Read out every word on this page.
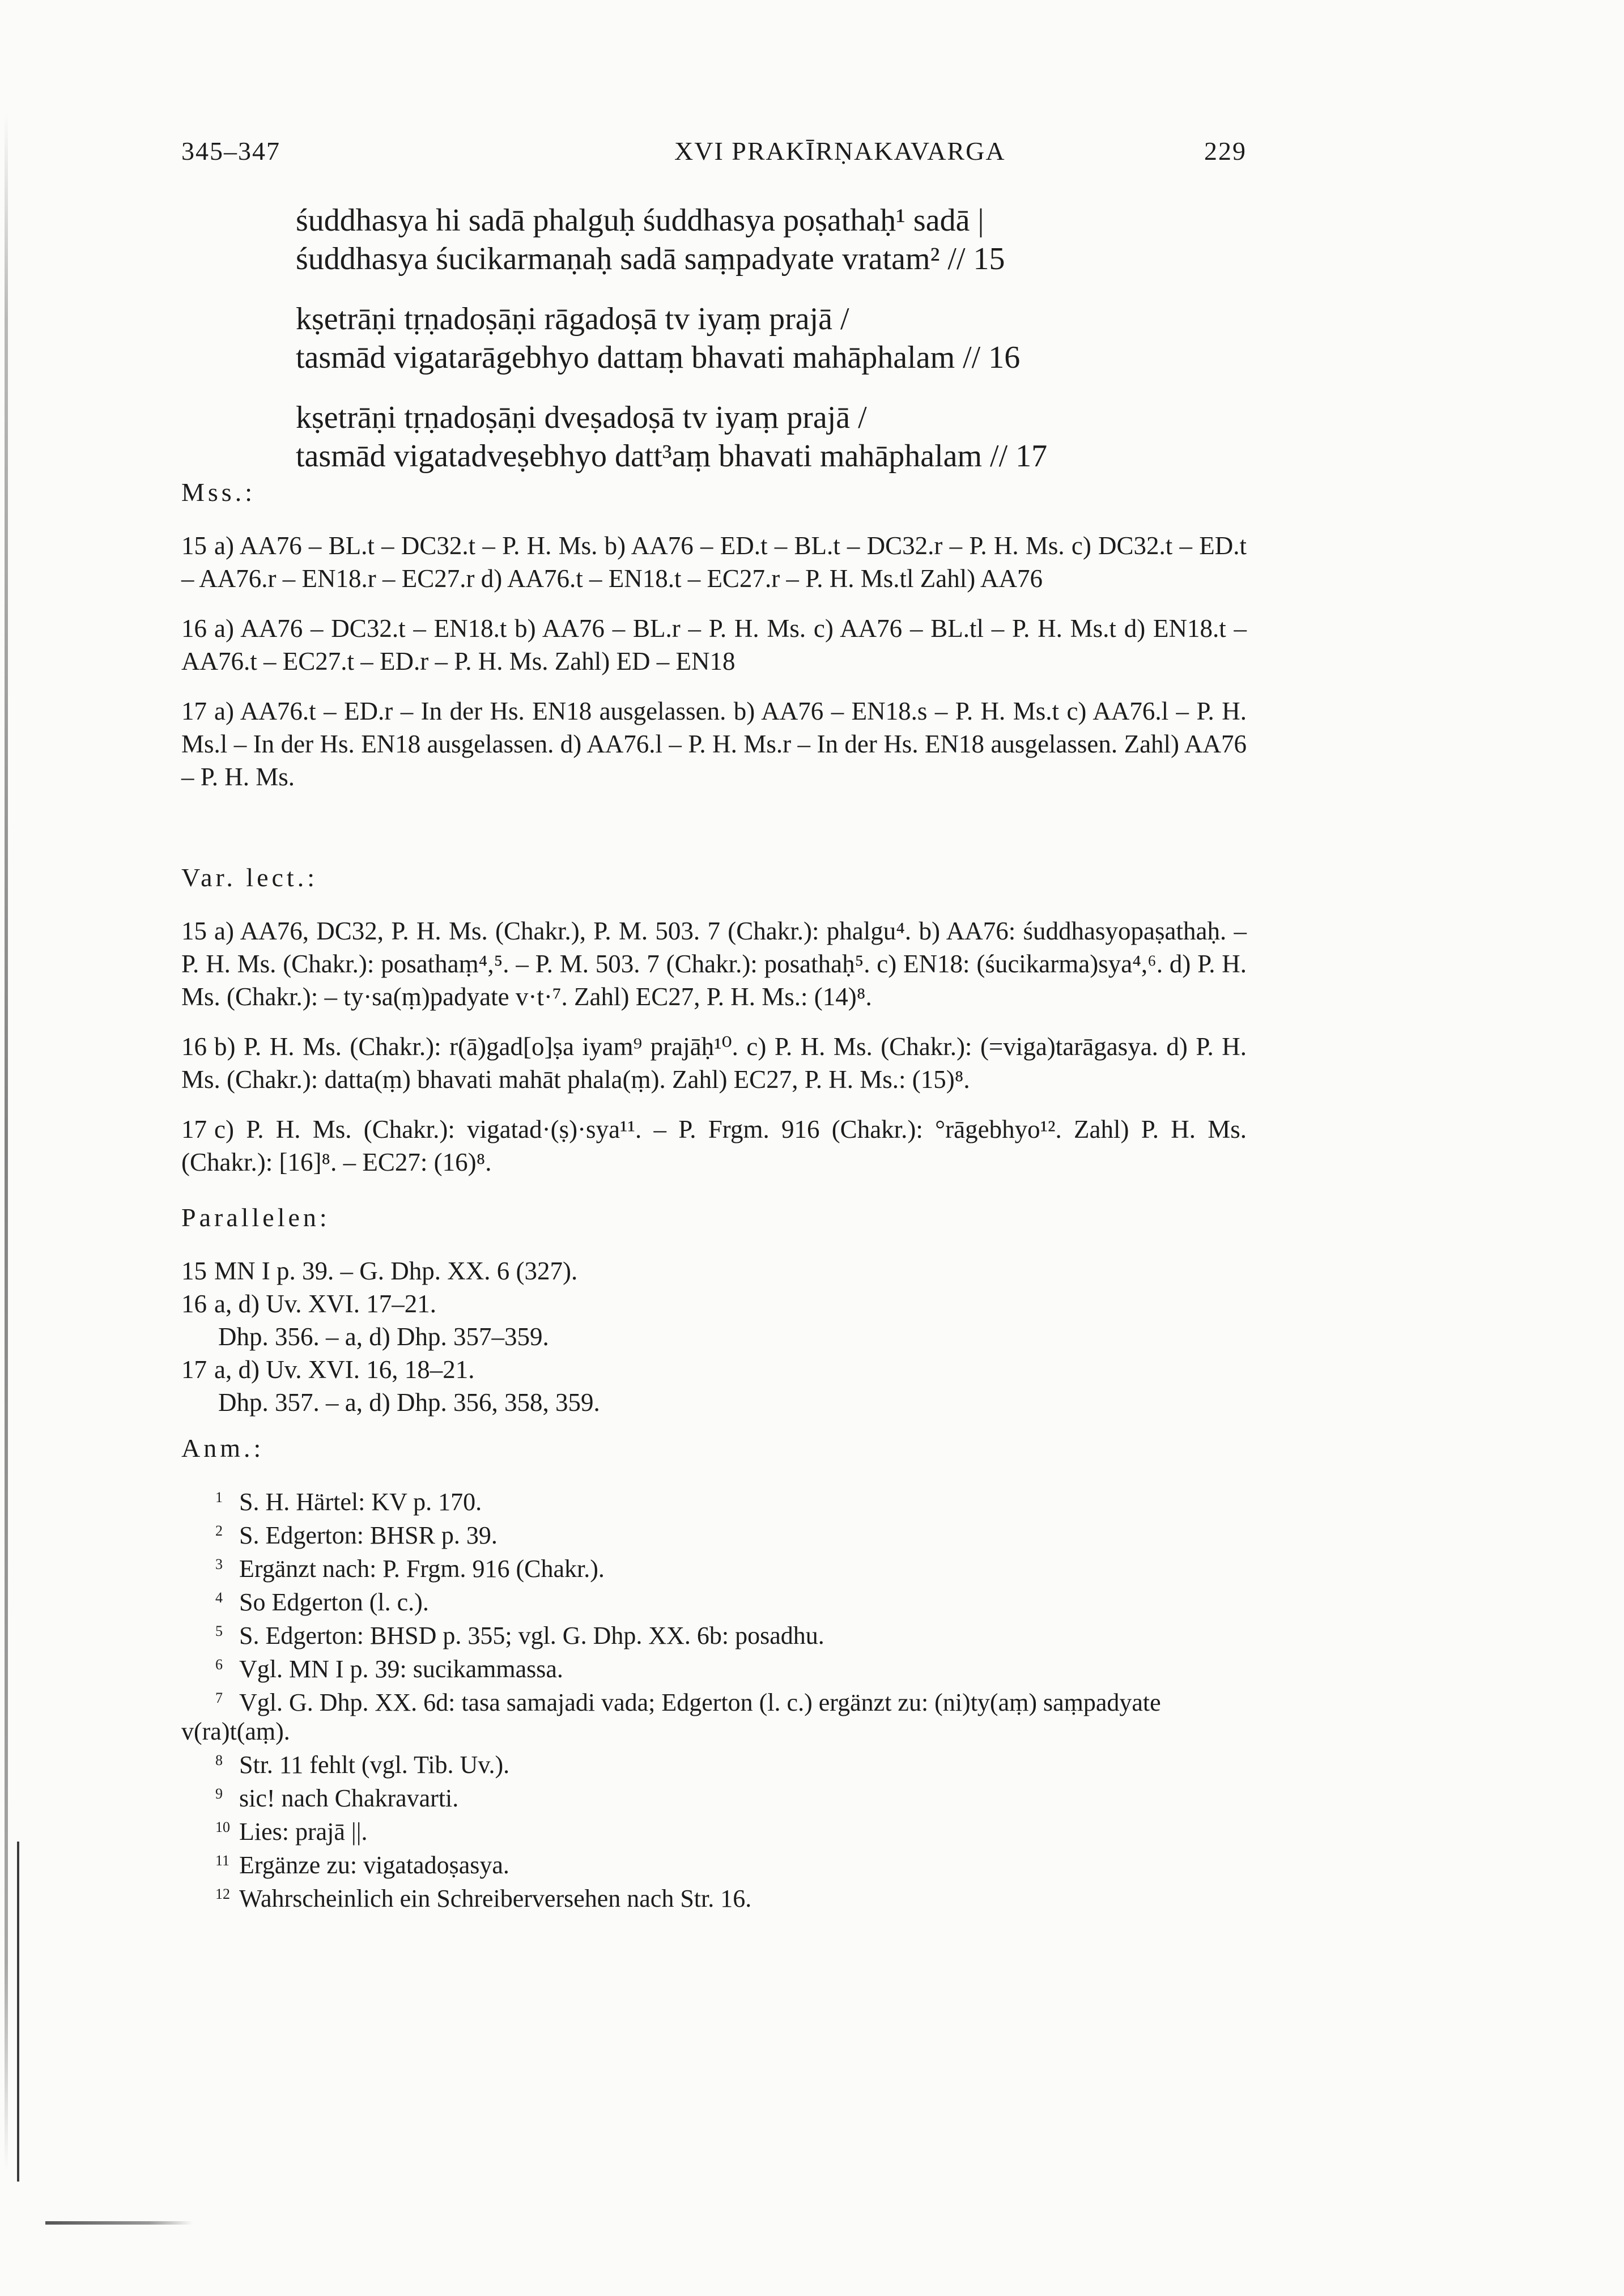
345–347	XVI PRAKĪRṆAKAVARGA	229
śuddhasya hi sadā phalguḥ śuddhasya poṣathaḥ¹ sadā |
śuddhasya śucikarmaṇaḥ sadā saṃpadyate vratam² // 15
kṣetrāṇi tṛṇadoṣāṇi rāgadoṣā tv iyaṃ prajā /
tasmād vigatarāgebhyo dattaṃ bhavati mahāphalam // 16
kṣetrāṇi tṛṇadoṣāṇi dveṣadoṣā tv iyaṃ prajā /
tasmād vigatadveṣebhyo datt³aṃ bhavati mahāphalam // 17
Mss.:
15 a) AA76 – BL.t – DC32.t – P. H. Ms. b) AA76 – ED.t – BL.t – DC32.r – P. H. Ms. c) DC32.t – ED.t – AA76.r – EN18.r – EC27.r d) AA76.t – EN18.t – EC27.r – P. H. Ms.tl Zahl) AA76
16 a) AA76 – DC32.t – EN18.t b) AA76 – BL.r – P. H. Ms. c) AA76 – BL.tl – P. H. Ms.t d) EN18.t – AA76.t – EC27.t – ED.r – P. H. Ms. Zahl) ED – EN18
17 a) AA76.t – ED.r – In der Hs. EN18 ausgelassen. b) AA76 – EN18.s – P. H. Ms.t c) AA76.l – P. H. Ms.l – In der Hs. EN18 ausgelassen. d) AA76.l – P. H. Ms.r – In der Hs. EN18 ausgelassen. Zahl) AA76 – P. H. Ms.
Var. lect.:
15 a) AA76, DC32, P. H. Ms. (Chakr.), P. M. 503. 7 (Chakr.): phalgu⁴. b) AA76: śuddhasyopaṣathaḥ. – P. H. Ms. (Chakr.): posathaṃ⁴,⁵. – P. M. 503. 7 (Chakr.): posathaḥ⁵. c) EN18: (śucikarma)sya⁴,⁶. d) P. H. Ms. (Chakr.): – ty·sa(ṃ)padyate v·t·⁷. Zahl) EC27, P. H. Ms.: (14)⁸.
16 b) P. H. Ms. (Chakr.): r(ā)gad[o]ṣa iyam⁹ prajāḥ¹⁰. c) P. H. Ms. (Chakr.): (=viga)tarāgasya. d) P. H. Ms. (Chakr.): datta(ṃ) bhavati mahāt phala(ṃ). Zahl) EC27, P. H. Ms.: (15)⁸.
17 c) P. H. Ms. (Chakr.): vigatad·(ṣ)·sya¹¹. – P. Frgm. 916 (Chakr.): °rāgebhyo¹². Zahl) P. H. Ms. (Chakr.): [16]⁸. – EC27: (16)⁸.
Parallelen:
15 MN I p. 39. – G. Dhp. XX. 6 (327).
16 a, d) Uv. XVI. 17–21.
Dhp. 356. – a, d) Dhp. 357–359.
17 a, d) Uv. XVI. 16, 18–21.
Dhp. 357. – a, d) Dhp. 356, 358, 359.
Anm.:
$^1$ S. H. Härtel: KV p. 170.
$^2$ S. Edgerton: BHSR p. 39.
$^3$ Ergänzt nach: P. Frgm. 916 (Chakr.).
$^4$ So Edgerton (l. c.).
$^5$ S. Edgerton: BHSD p. 355; vgl. G. Dhp. XX. 6b: posadhu.
$^6$ Vgl. MN I p. 39: sucikammassa.
$^7$ Vgl. G. Dhp. XX. 6d: tasa samajadi vada; Edgerton (l. c.) ergänzt zu: (ni)ty(aṃ) saṃpadyate v(ra)t(aṃ).
$^8$ Str. 11 fehlt (vgl. Tib. Uv.).
$^9$ sic! nach Chakravarti.
$^{10}$ Lies: prajā ||.
$^{11}$ Ergänze zu: vigatadoṣasya.
$^{12}$ Wahrscheinlich ein Schreiberversehen nach Str. 16.
